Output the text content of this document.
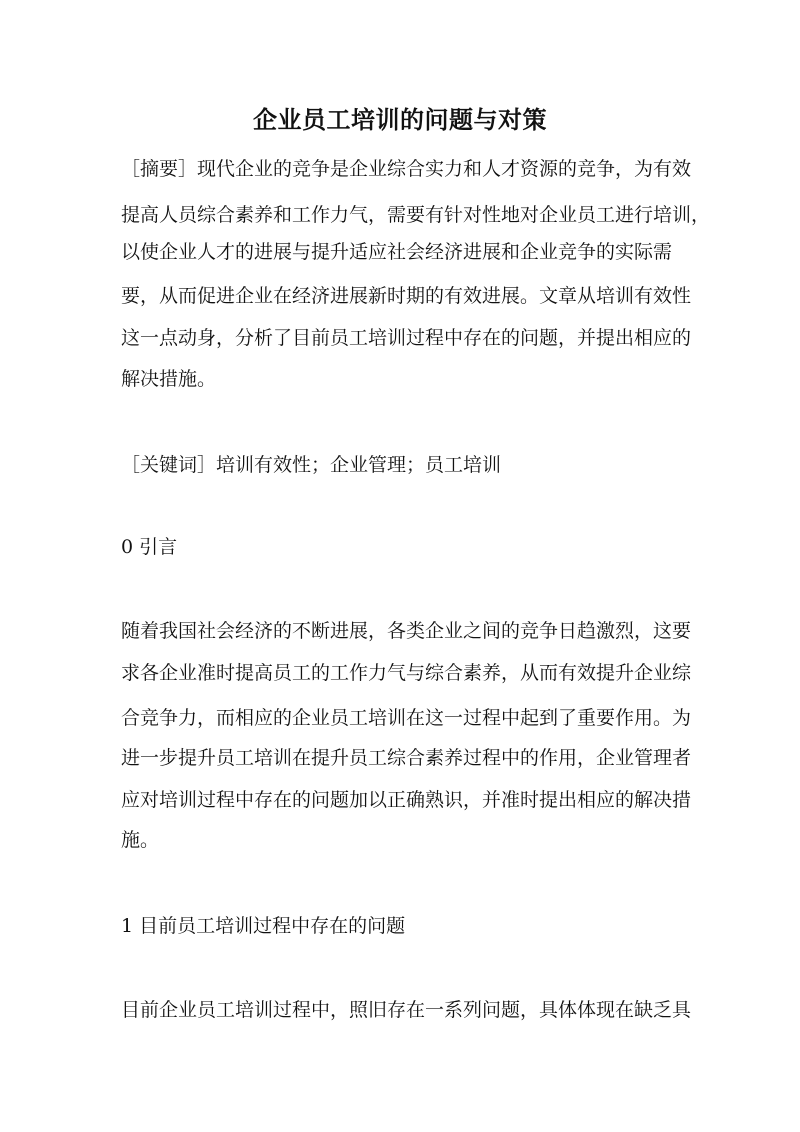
企业员工培训的问题与对策

［摘要］现代企业的竞争是企业综合实力和人才资源的竞争，为有效

提高人员综合素养和工作力气，需要有针对性地对企业员工进行培训，

以使企业人才的进展与提升适应社会经济进展和企业竞争的实际需

要，从而促进企业在经济进展新时期的有效进展。文章从培训有效性

这一点动身，分析了目前员工培训过程中存在的问题，并提出相应的

解决措施。

［关键词］培训有效性；企业管理；员工培训

0 引言

随着我国社会经济的不断进展，各类企业之间的竞争日趋激烈，这要

求各企业准时提高员工的工作力气与综合素养，从而有效提升企业综

合竞争力，而相应的企业员工培训在这一过程中起到了重要作用。为

进一步提升员工培训在提升员工综合素养过程中的作用，企业管理者

应对培训过程中存在的问题加以正确熟识，并准时提出相应的解决措

施。

1 目前员工培训过程中存在的问题

目前企业员工培训过程中，照旧存在一系列问题，具体体现在缺乏具
